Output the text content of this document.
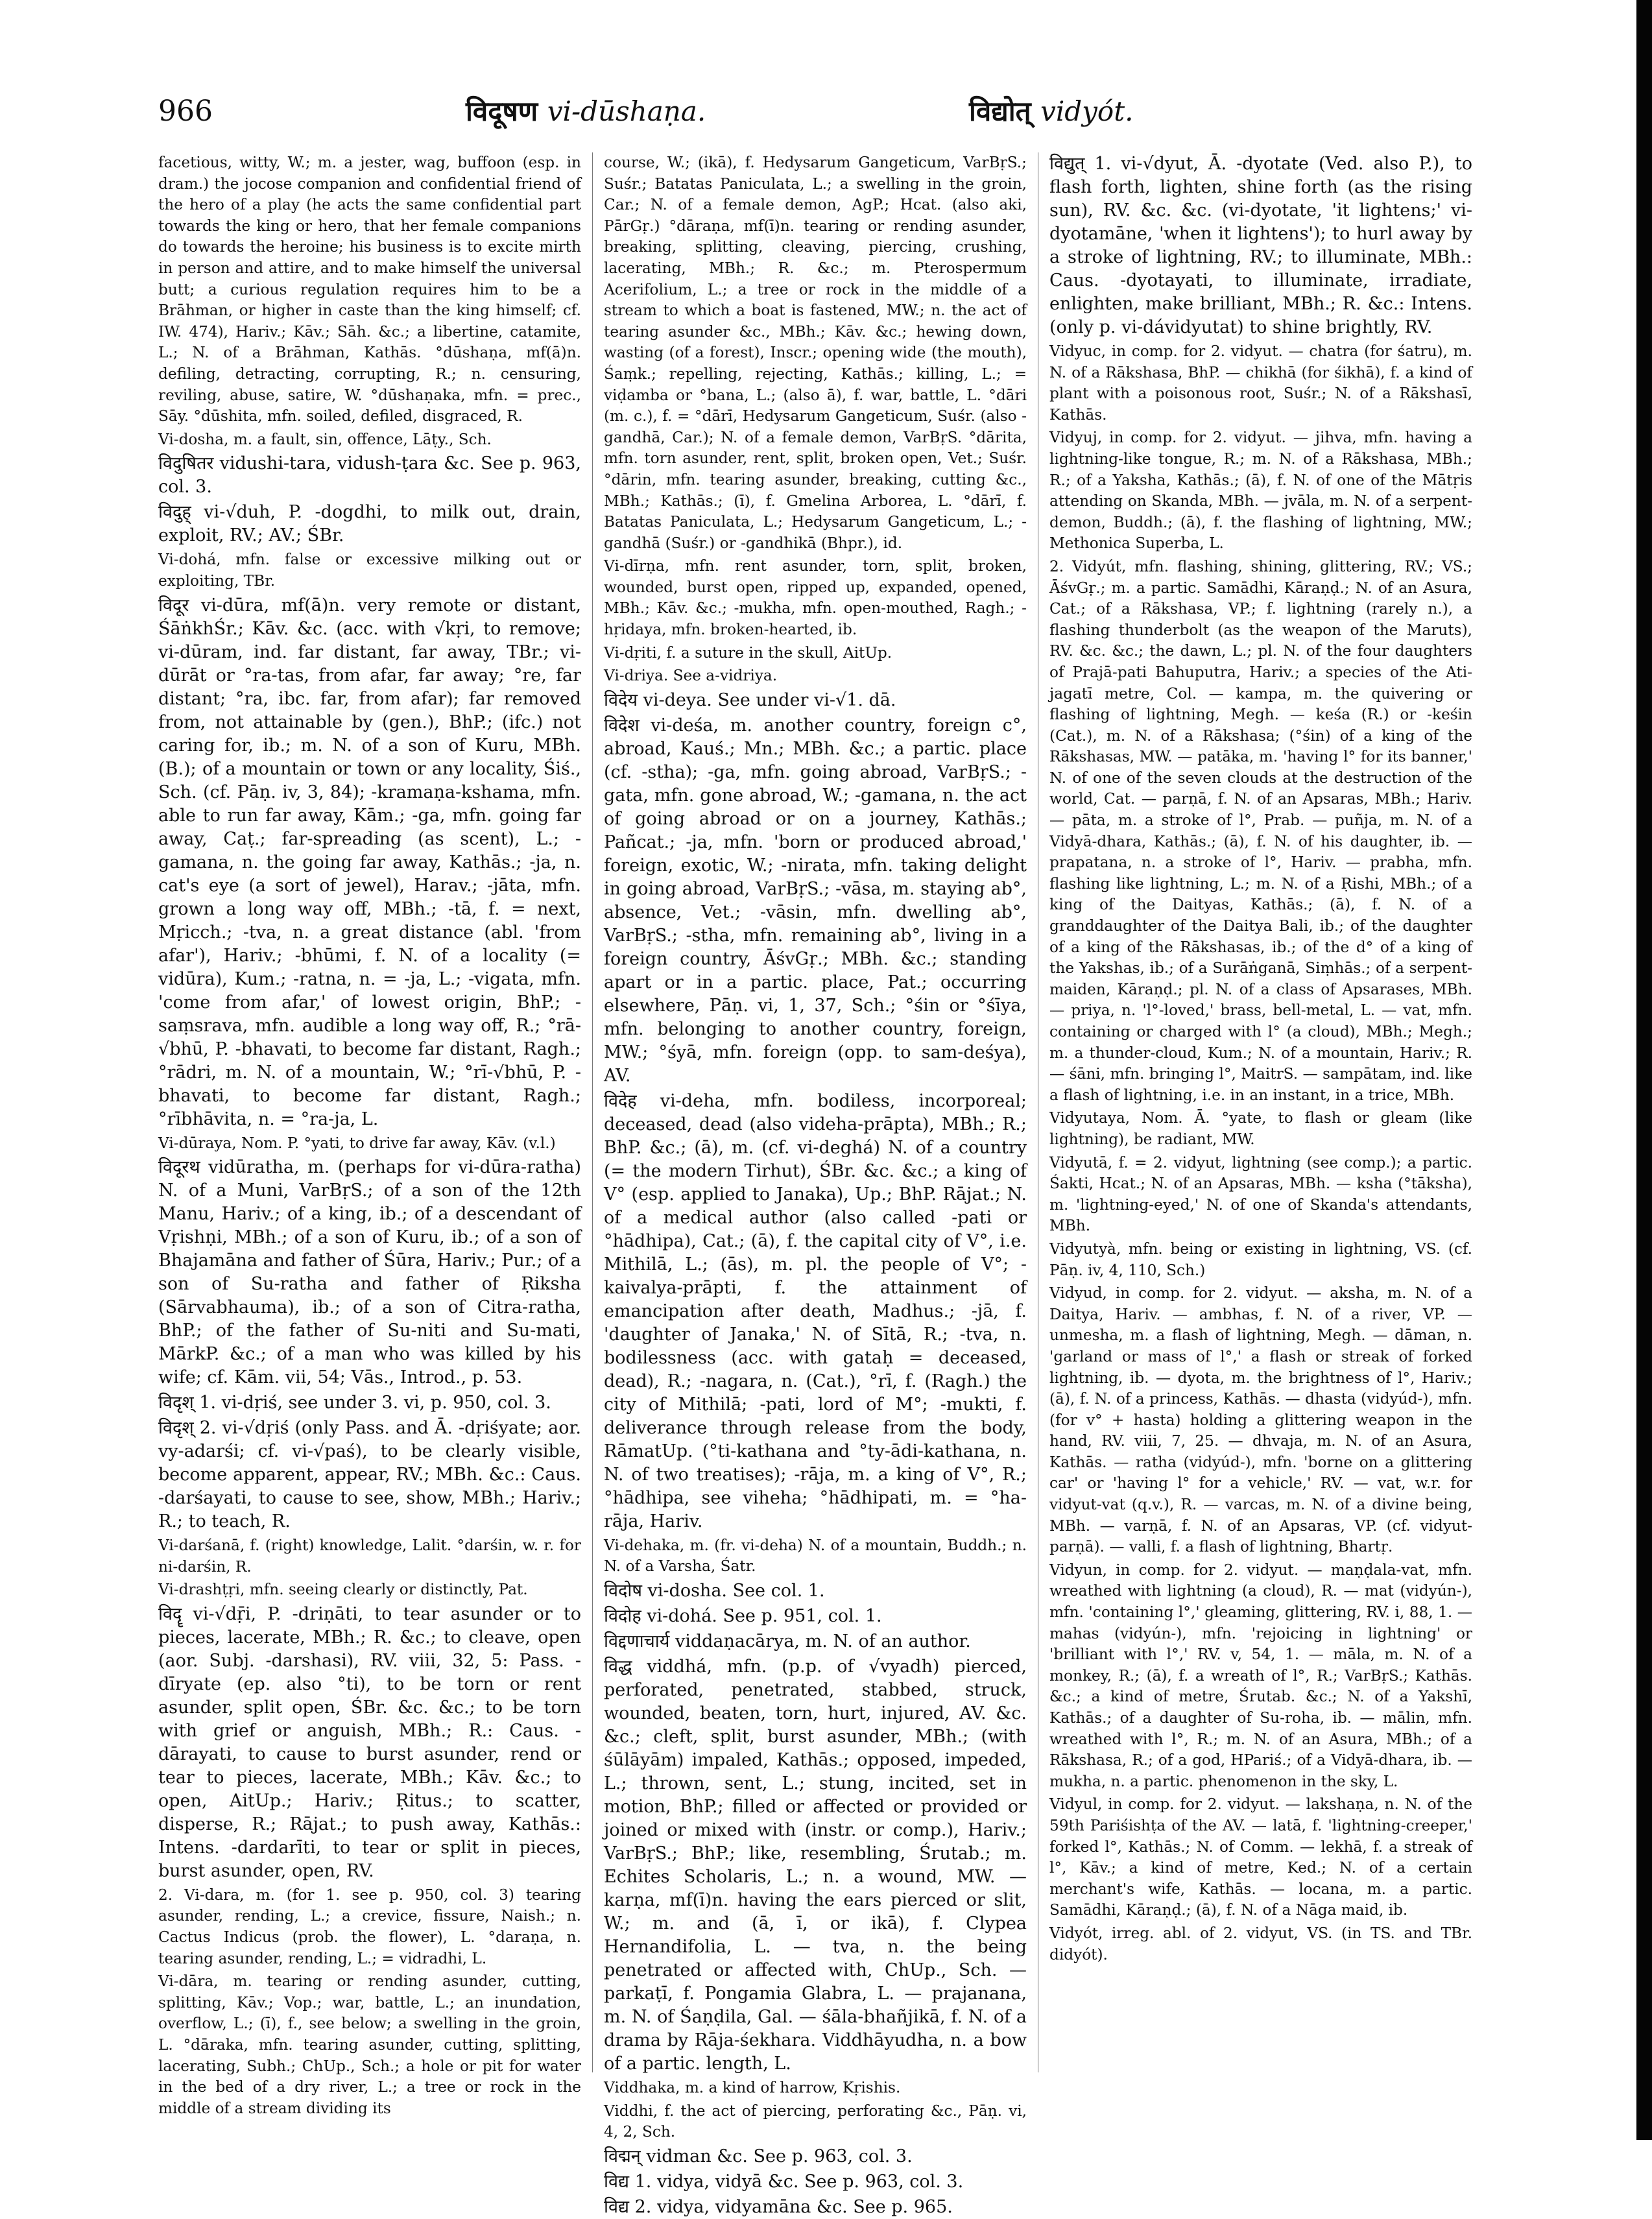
966	विदूषण vi-dūshaṇa.	विद्योत् vidyót.

facetious, witty, W.; m. a jester, wag, buffoon (esp. in dram.) the jocose companion and confidential friend of the hero of a play (he acts the same confidential part towards the king or hero, that her female companions do towards the heroine; his business is to excite mirth in person and attire, and to make himself the universal butt; a curious regulation requires him to be a Brāhman, or higher in caste than the king himself; cf. IW. 474), Hariv.; Kāv.; Sāh. &c.; a libertine, catamite, L.; N. of a Brāhman, Kathās. °dūshaṇa, mf(ā)n. defiling, detracting, corrupting, R.; n. censuring, reviling, abuse, satire, W. °dūshaṇaka, mfn. = prec., Sāy. °dūshita, mfn. soiled, defiled, disgraced, R.

Vi-dosha, m. a fault, sin, offence, Lāṭy., Sch.

विदुषितर vidushi-tara, vidush-ṭara &c. See p. 963, col. 3.

विदुह् vi-√duh, P. -dogdhi, to milk out, drain, exploit, RV.; AV.; ŚBr.

Vi-dohá, mfn. false or excessive milking out or exploiting, TBr.

विदूर vi-dūra, mf(ā)n. very remote or distant, ŚāṅkhŚr.; Kāv. &c. (acc. with √kṛi, to remove; vi-dūram, ind. far distant, far away, TBr.; vi-dūrāt or °ra-tas, from afar, far away; °re, far distant; °ra, ibc. far, from afar); far removed from, not attainable by (gen.), BhP.; (ifc.) not caring for, ib.; m. N. of a son of Kuru, MBh. (B.); of a mountain or town or any locality, Śiś., Sch. (cf. Pāṇ. iv, 3, 84); -kramaṇa-kshama, mfn. able to run far away, Kām.; -ga, mfn. going far away, Caṭ.; far-spreading (as scent), L.; -gamana, n. the going far away, Kathās.; -ja, n. cat's eye (a sort of jewel), Harav.; -jāta, mfn. grown a long way off, MBh.; -tā, f. = next, Mṛicch.; -tva, n. a great distance (abl. 'from afar'), Hariv.; -bhūmi, f. N. of a locality (= vidūra), Kum.; -ratna, n. = -ja, L.; -vigata, mfn. 'come from afar,' of lowest origin, BhP.; -saṃsrava, mfn. audible a long way off, R.; °rā-√bhū, P. -bhavati, to become far distant, Ragh.; °rādri, m. N. of a mountain, W.; °rī-√bhū, P. -bhavati, to become far distant, Ragh.; °rībhāvita, n. = °ra-ja, L.

Vi-dūraya, Nom. P. °yati, to drive far away, Kāv. (v.l.)

विदूरथ vidūratha, m. (perhaps for vi-dūra-ratha) N. of a Muni, VarBṛS.; of a son of the 12th Manu, Hariv.; of a king, ib.; of a descendant of Vṛishṇi, MBh.; of a son of Kuru, ib.; of a son of Bhajamāna and father of Śūra, Hariv.; Pur.; of a son of Su-ratha and father of Ṛiksha (Sārvabhauma), ib.; of a son of Citra-ratha, BhP.; of the father of Su-niti and Su-mati, MārkP. &c.; of a man who was killed by his wife; cf. Kām. vii, 54; Vās., Introd., p. 53.

विदृश् 1. vi-dṛiś, see under 3. vi, p. 950, col. 3.

विदृश् 2. vi-√dṛiś (only Pass. and Ā. -dṛiśyate; aor. vy-adarśi; cf. vi-√paś), to be clearly visible, become apparent, appear, RV.; MBh. &c.: Caus. -darśayati, to cause to see, show, MBh.; Hariv.; R.; to teach, R.

Vi-darśanā, f. (right) knowledge, Lalit. °darśin, w. r. for ni-darśin, R.

Vi-drashṭṛi, mfn. seeing clearly or distinctly, Pat.

विदॄ vi-√dṝi, P. -driṇāti, to tear asunder or to pieces, lacerate, MBh.; R. &c.; to cleave, open (aor. Subj. -darshasi), RV. viii, 32, 5: Pass. -dīryate (ep. also °ti), to be torn or rent asunder, split open, ŚBr. &c. &c.; to be torn with grief or anguish, MBh.; R.: Caus. -dārayati, to cause to burst asunder, rend or tear to pieces, lacerate, MBh.; Kāv. &c.; to open, AitUp.; Hariv.; Ṛitus.; to scatter, disperse, R.; Rājat.; to push away, Kathās.: Intens. -dardarīti, to tear or split in pieces, burst asunder, open, RV.

2. Vi-dara, m. (for 1. see p. 950, col. 3) tearing asunder, rending, L.; a crevice, fissure, Naish.; n. Cactus Indicus (prob. the flower), L. °daraṇa, n. tearing asunder, rending, L.; = vidradhi, L.

Vi-dāra, m. tearing or rending asunder, cutting, splitting, Kāv.; Vop.; war, battle, L.; an inundation, overflow, L.; (ī), f., see below; a swelling in the groin, L. °dāraka, mfn. tearing asunder, cutting, splitting, lacerating, Subh.; ChUp., Sch.; a hole or pit for water in the bed of a dry river, L.; a tree or rock in the middle of a stream dividing its

course, W.; (ikā), f. Hedysarum Gangeticum, VarBṛS.; Suśr.; Batatas Paniculata, L.; a swelling in the groin, Car.; N. of a female demon, AgP.; Hcat. (also aki, PārGṛ.) °dāraṇa, mf(ī)n. tearing or rending asunder, breaking, splitting, cleaving, piercing, crushing, lacerating, MBh.; R. &c.; m. Pterospermum Acerifolium, L.; a tree or rock in the middle of a stream to which a boat is fastened, MW.; n. the act of tearing asunder &c., MBh.; Kāv. &c.; hewing down, wasting (of a forest), Inscr.; opening wide (the mouth), Śaṃk.; repelling, rejecting, Kathās.; killing, L.; = viḍamba or °bana, L.; (also ā), f. war, battle, L. °dāri (m. c.), f. = °dārī, Hedysarum Gangeticum, Suśr. (also -gandhā, Car.); N. of a female demon, VarBṛS. °dārita, mfn. torn asunder, rent, split, broken open, Vet.; Suśr. °dārin, mfn. tearing asunder, breaking, cutting &c., MBh.; Kathās.; (ī), f. Gmelina Arborea, L. °dārī, f. Batatas Paniculata, L.; Hedysarum Gangeticum, L.; -gandhā (Suśr.) or -gandhikā (Bhpr.), id.

Vi-dīrṇa, mfn. rent asunder, torn, split, broken, wounded, burst open, ripped up, expanded, opened, MBh.; Kāv. &c.; -mukha, mfn. open-mouthed, Ragh.; -hṛidaya, mfn. broken-hearted, ib.

Vi-dṛiti, f. a suture in the skull, AitUp.

Vi-driya. See a-vidriya.

विदेय vi-deya. See under vi-√1. dā.

विदेश vi-deśa, m. another country, foreign c°, abroad, Kauś.; Mn.; MBh. &c.; a partic. place (cf. -stha); -ga, mfn. going abroad, VarBṛS.; -gata, mfn. gone abroad, W.; -gamana, n. the act of going abroad or on a journey, Kathās.; Pañcat.; -ja, mfn. 'born or produced abroad,' foreign, exotic, W.; -nirata, mfn. taking delight in going abroad, VarBṛS.; -vāsa, m. staying ab°, absence, Vet.; -vāsin, mfn. dwelling ab°, VarBṛS.; -stha, mfn. remaining ab°, living in a foreign country, ĀśvGṛ.; MBh. &c.; standing apart or in a partic. place, Pat.; occurring elsewhere, Pāṇ. vi, 1, 37, Sch.; °śin or °śīya, mfn. belonging to another country, foreign, MW.; °śyā, mfn. foreign (opp. to sam-deśya), AV.

विदेह vi-deha, mfn. bodiless, incorporeal; deceased, dead (also videha-prāpta), MBh.; R.; BhP. &c.; (ā), m. (cf. vi-deghá) N. of a country (= the modern Tirhut), ŚBr. &c. &c.; a king of V° (esp. applied to Janaka), Up.; BhP. Rājat.; N. of a medical author (also called -pati or °hādhipa), Cat.; (ā), f. the capital city of V°, i.e. Mithilā, L.; (ās), m. pl. the people of V°; -kaivalya-prāpti, f. the attainment of emancipation after death, Madhus.; -jā, f. 'daughter of Janaka,' N. of Sītā, R.; -tva, n. bodilessness (acc. with gataḥ = deceased, dead), R.; -nagara, n. (Cat.), °rī, f. (Ragh.) the city of Mithilā; -pati, lord of M°; -mukti, f. deliverance through release from the body, RāmatUp. (°ti-kathana and °ty-ādi-kathana, n. N. of two treatises); -rāja, m. a king of V°, R.; °hādhipa, see viheha; °hādhipati, m. = °ha-rāja, Hariv.

Vi-dehaka, m. (fr. vi-deha) N. of a mountain, Buddh.; n. N. of a Varsha, Śatr.

विदोष vi-dosha. See col. 1.

विदोह vi-dohá. See p. 951, col. 1.

विद्दणाचार्य viddaṇacārya, m. N. of an author.

विद्ध viddhá, mfn. (p.p. of √vyadh) pierced, perforated, penetrated, stabbed, struck, wounded, beaten, torn, hurt, injured, AV. &c. &c.; cleft, split, burst asunder, MBh.; (with śūlāyām) impaled, Kathās.; opposed, impeded, L.; thrown, sent, L.; stung, incited, set in motion, BhP.; filled or affected or provided or joined or mixed with (instr. or comp.), Hariv.; VarBṛS.; BhP.; like, resembling, Śrutab.; m. Echites Scholaris, L.; n. a wound, MW. — karṇa, mf(ī)n. having the ears pierced or slit, W.; m. and (ā, ī, or ikā), f. Clypea Hernandifolia, L. — tva, n. the being penetrated or affected with, ChUp., Sch. — parkaṭī, f. Pongamia Glabra, L. — prajanana, m. N. of Śaṇḍila, Gal. — śāla-bhañjikā, f. N. of a drama by Rāja-śekhara. Viddhāyudha, n. a bow of a partic. length, L.

Viddhaka, m. a kind of harrow, Kṛishis.

Viddhi, f. the act of piercing, perforating &c., Pāṇ. vi, 4, 2, Sch.

विद्मन् vidman &c. See p. 963, col. 3.

विद्य 1. vidya, vidyā &c. See p. 963, col. 3.

विद्य 2. vidya, vidyamāna &c. See p. 965.

विद्युत् 1. vi-√dyut, Ā. -dyotate (Ved. also P.), to flash forth, lighten, shine forth (as the rising sun), RV. &c. &c. (vi-dyotate, 'it lightens;' vi-dyotamāne, 'when it lightens'); to hurl away by a stroke of lightning, RV.; to illuminate, MBh.: Caus. -dyotayati, to illuminate, irradiate, enlighten, make brilliant, MBh.; R. &c.: Intens. (only p. vi-dávidyutat) to shine brightly, RV.

Vidyuc, in comp. for 2. vidyut. — chatra (for śatru), m. N. of a Rākshasa, BhP. — chikhā (for śikhā), f. a kind of plant with a poisonous root, Suśr.; N. of a Rākshasī, Kathās.

Vidyuj, in comp. for 2. vidyut. — jihva, mfn. having a lightning-like tongue, R.; m. N. of a Rākshasa, MBh.; R.; of a Yaksha, Kathās.; (ā), f. N. of one of the Mātṛis attending on Skanda, MBh. — jvāla, m. N. of a serpent-demon, Buddh.; (ā), f. the flashing of lightning, MW.; Methonica Superba, L.

2. Vidyút, mfn. flashing, shining, glittering, RV.; VS.; ĀśvGṛ.; m. a partic. Samādhi, Kāraṇḍ.; N. of an Asura, Cat.; of a Rākshasa, VP.; f. lightning (rarely n.), a flashing thunderbolt (as the weapon of the Maruts), RV. &c. &c.; the dawn, L.; pl. N. of the four daughters of Prajā-pati Bahuputra, Hariv.; a species of the Ati-jagatī metre, Col. — kampa, m. the quivering or flashing of lightning, Megh. — keśa (R.) or -keśin (Cat.), m. N. of a Rākshasa; (°śin) of a king of the Rākshasas, MW. — patāka, m. 'having l° for its banner,' N. of one of the seven clouds at the destruction of the world, Cat. — parṇā, f. N. of an Apsaras, MBh.; Hariv. — pāta, m. a stroke of l°, Prab. — puñja, m. N. of a Vidyā-dhara, Kathās.; (ā), f. N. of his daughter, ib. — prapatana, n. a stroke of l°, Hariv. — prabha, mfn. flashing like lightning, L.; m. N. of a Ṛishi, MBh.; of a king of the Daityas, Kathās.; (ā), f. N. of a granddaughter of the Daitya Bali, ib.; of the daughter of a king of the Rākshasas, ib.; of the d° of a king of the Yakshas, ib.; of a Surāṅganā, Siṃhās.; of a serpent-maiden, Kāraṇḍ.; pl. N. of a class of Apsarases, MBh. — priya, n. 'l°-loved,' brass, bell-metal, L. — vat, mfn. containing or charged with l° (a cloud), MBh.; Megh.; m. a thunder-cloud, Kum.; N. of a mountain, Hariv.; R. — śāni, mfn. bringing l°, MaitrS. — sampātam, ind. like a flash of lightning, i.e. in an instant, in a trice, MBh.

Vidyutaya, Nom. Ā. °yate, to flash or gleam (like lightning), be radiant, MW.

Vidyutā, f. = 2. vidyut, lightning (see comp.); a partic. Śakti, Hcat.; N. of an Apsaras, MBh. — ksha (°tāksha), m. 'lightning-eyed,' N. of one of Skanda's attendants, MBh.

Vidyutyà, mfn. being or existing in lightning, VS. (cf. Pāṇ. iv, 4, 110, Sch.)

Vidyud, in comp. for 2. vidyut. — aksha, m. N. of a Daitya, Hariv. — ambhas, f. N. of a river, VP. — unmesha, m. a flash of lightning, Megh. — dāman, n. 'garland or mass of l°,' a flash or streak of forked lightning, ib. — dyota, m. the brightness of l°, Hariv.; (ā), f. N. of a princess, Kathās. — dhasta (vidyúd-), mfn. (for v° + hasta) holding a glittering weapon in the hand, RV. viii, 7, 25. — dhvaja, m. N. of an Asura, Kathās. — ratha (vidyúd-), mfn. 'borne on a glittering car' or 'having l° for a vehicle,' RV. — vat, w.r. for vidyut-vat (q.v.), R. — varcas, m. N. of a divine being, MBh. — varṇā, f. N. of an Apsaras, VP. (cf. vidyut-parṇā). — valli, f. a flash of lightning, Bhartṛ.

Vidyun, in comp. for 2. vidyut. — maṇḍala-vat, mfn. wreathed with lightning (a cloud), R. — mat (vidyún-), mfn. 'containing l°,' gleaming, glittering, RV. i, 88, 1. — mahas (vidyún-), mfn. 'rejoicing in lightning' or 'brilliant with l°,' RV. v, 54, 1. — māla, m. N. of a monkey, R.; (ā), f. a wreath of l°, R.; VarBṛS.; Kathās. &c.; a kind of metre, Śrutab. &c.; N. of a Yakshī, Kathās.; of a daughter of Su-roha, ib. — mālin, mfn. wreathed with l°, R.; m. N. of an Asura, MBh.; of a Rākshasa, R.; of a god, HPariś.; of a Vidyā-dhara, ib. — mukha, n. a partic. phenomenon in the sky, L.

Vidyul, in comp. for 2. vidyut. — lakshaṇa, n. N. of the 59th Pariśishṭa of the AV. — latā, f. 'lightning-creeper,' forked l°, Kathās.; N. of Comm. — lekhā, f. a streak of l°, Kāv.; a kind of metre, Ked.; N. of a certain merchant's wife, Kathās. — locana, m. a partic. Samādhi, Kāraṇḍ.; (ā), f. N. of a Nāga maid, ib.

Vidyót, irreg. abl. of 2. vidyut, VS. (in TS. and TBr. didyót).
